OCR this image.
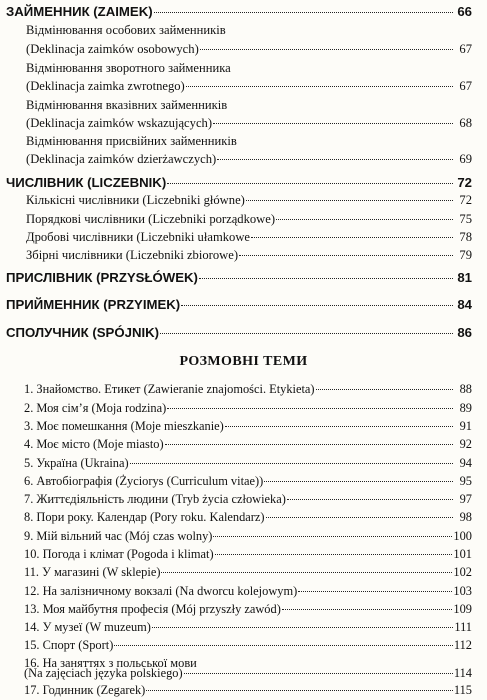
ЗАЙМЕННИК (ZAIMEK)	66
Відмінювання особових займенників
(Deklinacja zaimków osobowych)	67
Відмінювання зворотного займенника
(Deklinacja zaimka zwrotnego)	67
Відмінювання вказівних займенників
(Deklinacja zaimków wskazujących)	68
Відмінювання присвійних займенників
(Deklinacja zaimków dzierżawczych)	69
ЧИСЛІВНИК (LICZEBNIK)	72
Кількісні числівники (Liczebniki główne)	72
Порядкові числівники (Liczebniki porządkowe)	75
Дробові числівники (Liczebniki ułamkowe	78
Збірні числівники (Liczebniki zbiorowe)	79
ПРИСЛІВНИК (PRZYSŁÓWEK)	81
ПРИЙМЕННИК (PRZYIMEK)	84
СПОЛУЧНИК (SPÓJNIK)	86
РОЗМОВНІ ТЕМИ
1. Знайомство. Етикет (Zawieranie znajomości. Etykieta)	88
2. Моя сім’я (Moja rodzina)	89
3. Моє помешкання (Moje mieszkanie)	91
4. Моє місто (Moje miasto)	92
5. Україна (Ukraina)	94
6. Автобіографія (Życiorys (Curriculum vitae))	95
7. Життєдіяльність людини (Tryb życia człowieka)	97
8. Пори року. Календар (Pory roku. Kalendarz)	98
9. Мій вільний час (Mój czas wolny)	100
10. Погода і клімат (Pogoda i klimat)	101
11. У магазині (W sklepie)	102
12. На залізничному вокзалі (Na dworcu kolejowym)	103
13. Моя майбутня професія (Mój przyszły zawód)	109
14. У музеї (W muzeum)	111
15. Спорт (Sport)	112
16. На заняттях з польської мови
(Na zajęciach języka polskiego)	114
17. Годинник (Zegarek)	115
